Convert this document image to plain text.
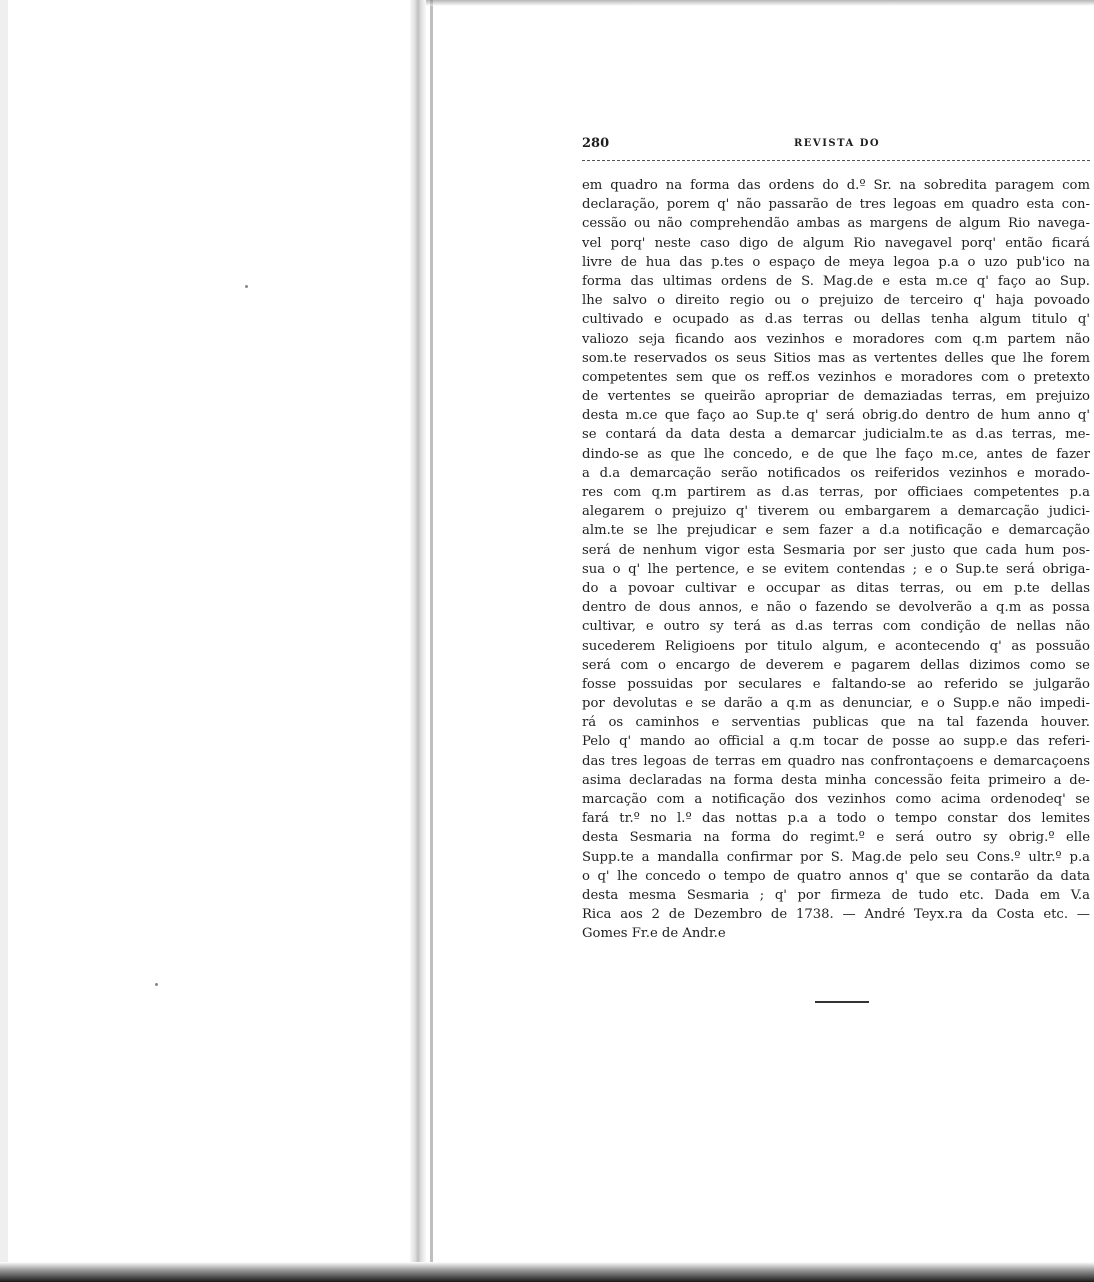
280	REVISTA DO
em quadro na forma das ordens do d.º Sr. na sobredita paragem com
declaração, porem q' não passarão de tres legoas em quadro esta con-
cessão ou não comprehendão ambas as margens de algum Rio navega-
vel porq' neste caso digo de algum Rio navegavel porq' então ficará
livre de hua das p.tes o espaço de meya legoa p.a o uzo pub'ico na
forma das ultimas ordens de S. Mag.de e esta m.ce q' faço ao Sup.
lhe salvo o direito regio ou o prejuizo de terceiro q' haja povoado
cultivado e ocupado as d.as terras ou dellas tenha algum titulo q'
valiozo seja ficando aos vezinhos e moradores com q.m partem não
som.te reservados os seus Sitios mas as vertentes delles que lhe forem
competentes sem que os reff.os vezinhos e moradores com o pretexto
de vertentes se queirão apropriar de demaziadas terras, em prejuizo
desta m.ce que faço ao Sup.te q' será obrig.do dentro de hum anno q'
se contará da data desta a demarcar judicialm.te as d.as terras, me-
dindo-se as que lhe concedo, e de que lhe faço m.ce, antes de fazer
a d.a demarcação serão notificados os reiferidos vezinhos e morado-
res com q.m partirem as d.as terras, por officiaes competentes p.a
alegarem o prejuizo q' tiverem ou embargarem a demarcação judici-
alm.te se lhe prejudicar e sem fazer a d.a notificação e demarcação
será de nenhum vigor esta Sesmaria por ser justo que cada hum pos-
sua o q' lhe pertence, e se evitem contendas ; e o Sup.te será obriga-
do a povoar cultivar e occupar as ditas terras, ou em p.te dellas
dentro de dous annos, e não o fazendo se devolverão a q.m as possa
cultivar, e outro sy terá as d.as terras com condição de nellas não
sucederem Religioens por titulo algum, e acontecendo q' as possuão
será com o encargo de deverem e pagarem dellas dizimos como se
fosse possuidas por seculares e faltando-se ao referido se julgarão
por devolutas e se darão a q.m as denunciar, e o Supp.e não impedi-
rá os caminhos e serventias publicas que na tal fazenda houver.
Pelo q' mando ao official a q.m tocar de posse ao supp.e das referi-
das tres legoas de terras em quadro nas confrontaçoens e demarcaçoens
asima declaradas na forma desta minha concessão feita primeiro a de-
marcação com a notificação dos vezinhos como acima ordenodeq' se
fará tr.º no l.º das nottas p.a a todo o tempo constar dos lemites
desta Sesmaria na forma do regimt.º e será outro sy obrig.º elle
Supp.te a mandalla confirmar por S. Mag.de pelo seu Cons.º ultr.º p.a
o q' lhe concedo o tempo de quatro annos q' que se contarão da data
desta mesma Sesmaria ; q' por firmeza de tudo etc. Dada em V.a
Rica aos 2 de Dezembro de 1738. — André Teyx.ra da Costa etc. —
Gomes Fr.e de Andr.e
